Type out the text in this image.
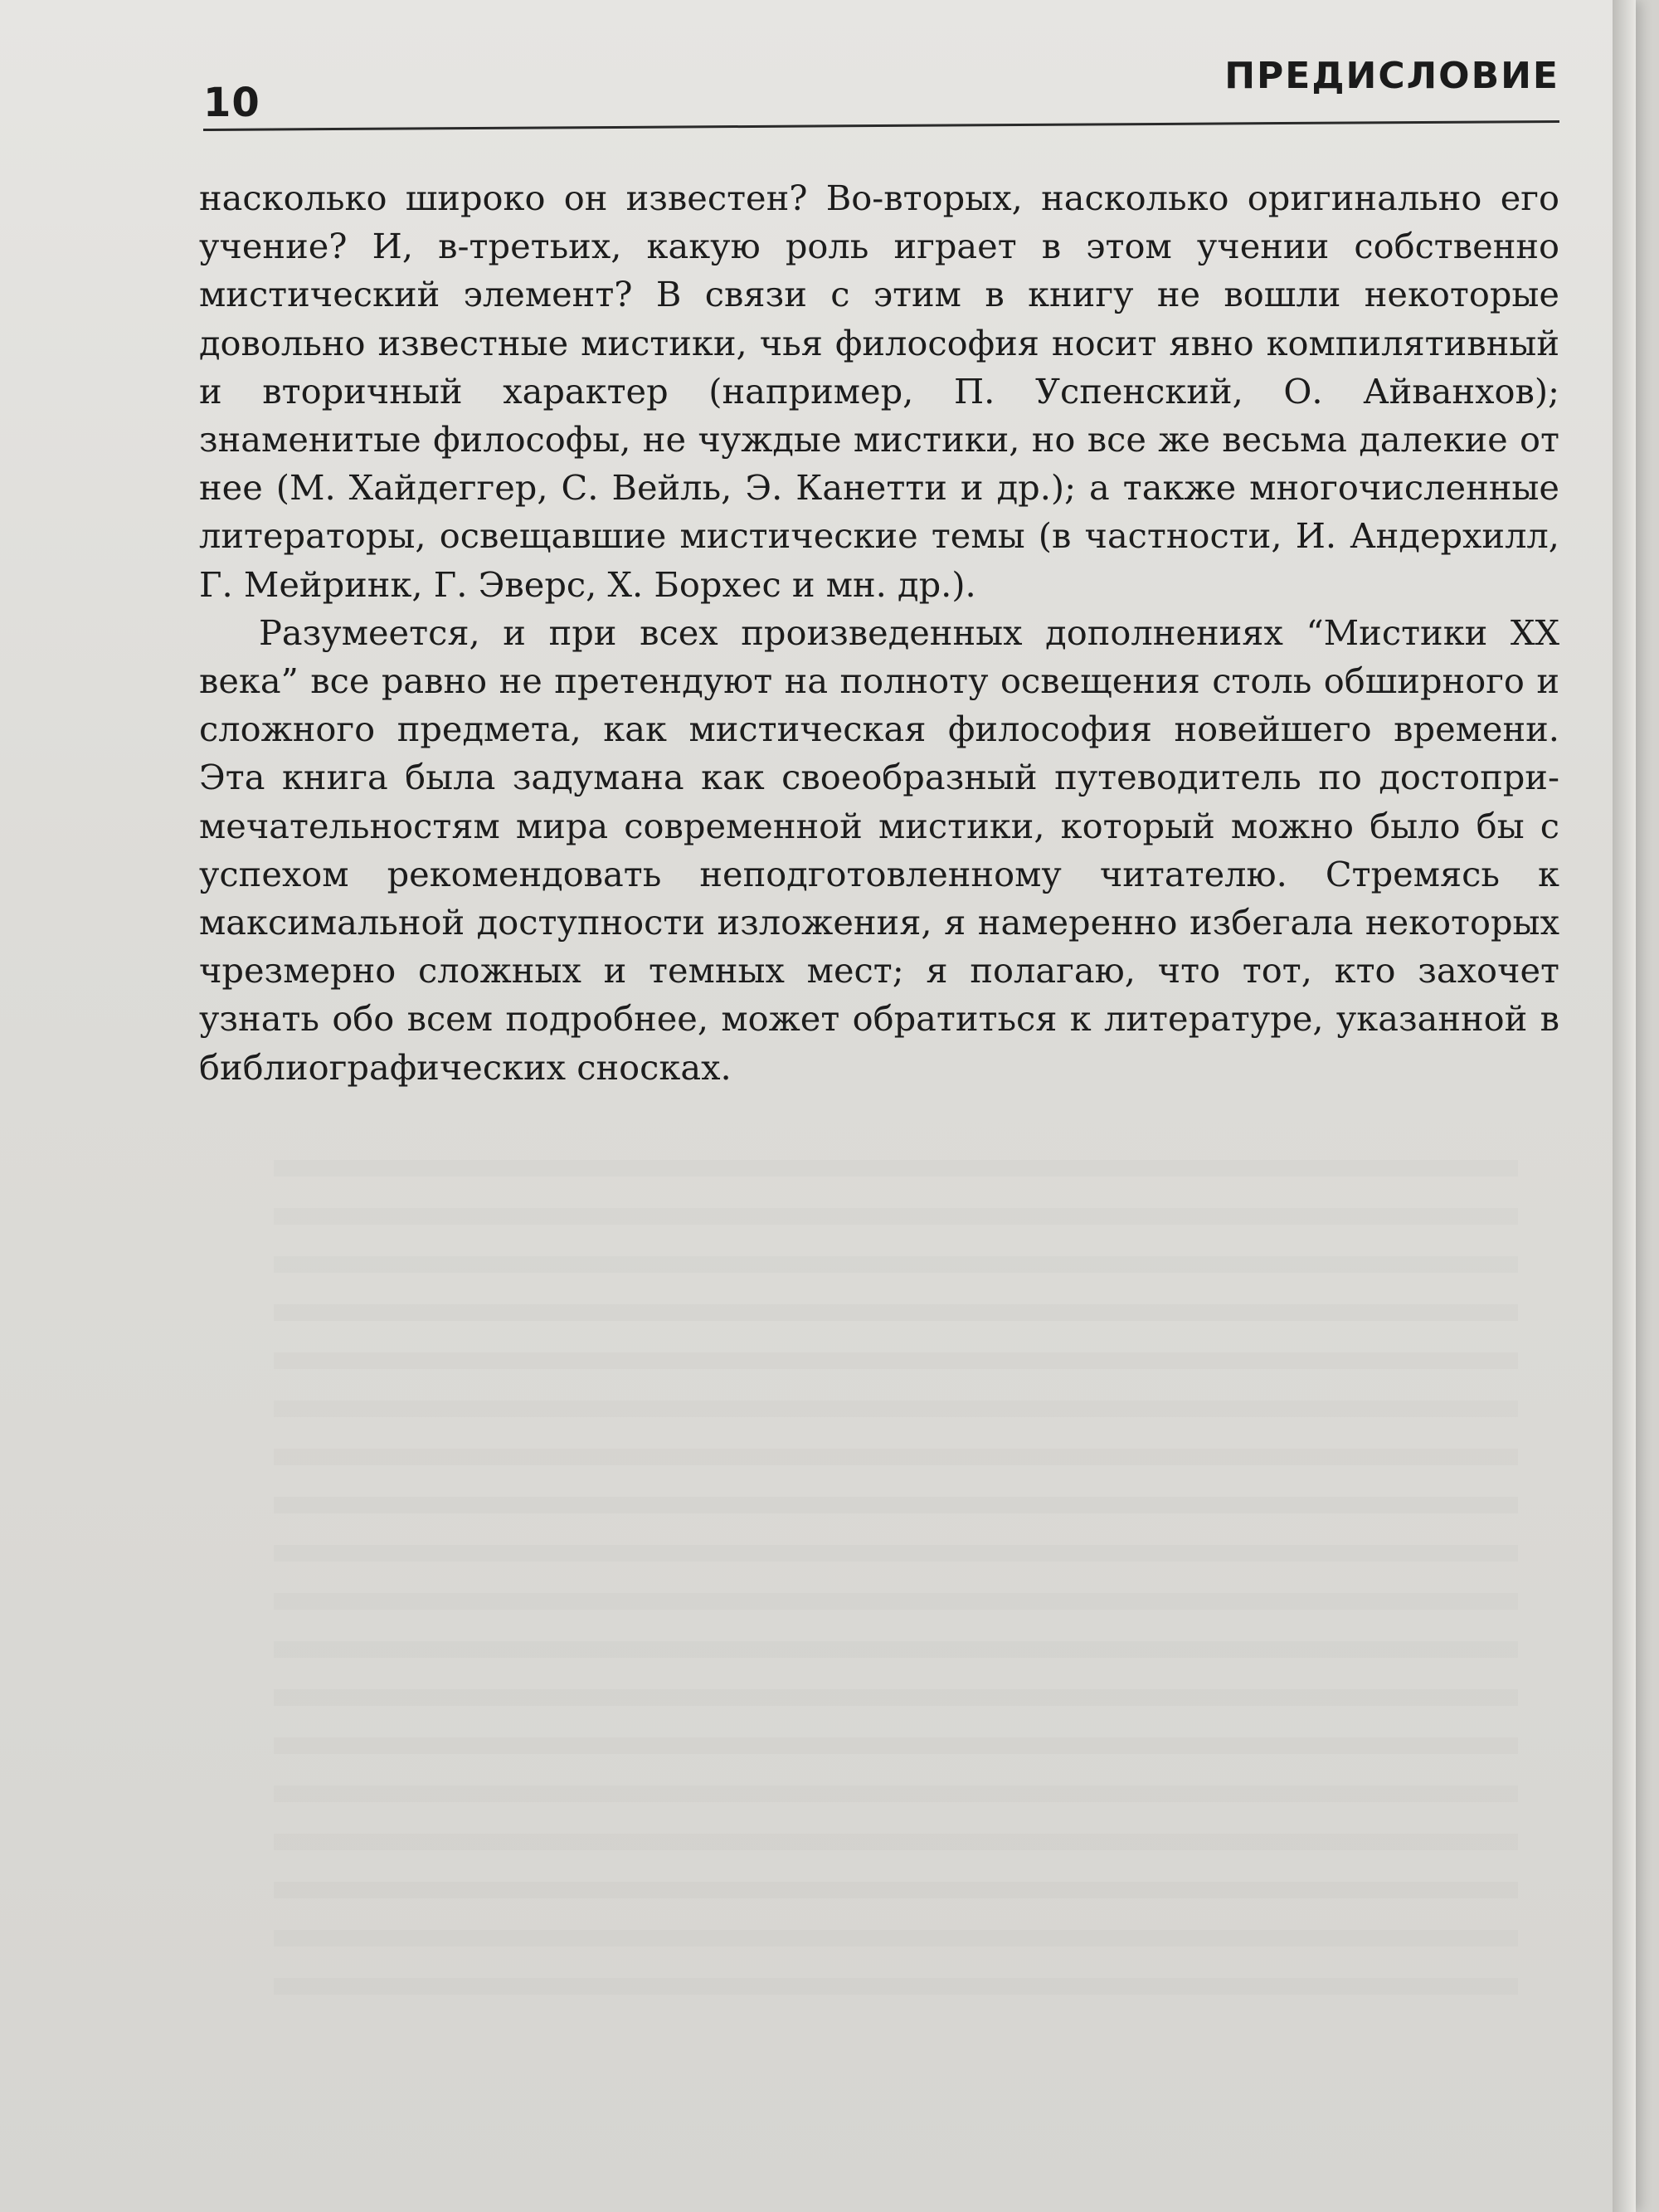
10
ПРЕДИСЛОВИЕ

насколько широко он известен? Во-вторых, насколько оригинально его учение? И, в-третьих, какую роль играет в этом учении собственно мистический элемент? В связи с этим в книгу не вошли некоторые довольно известные мистики, чья философия носит явно компилятивный и вторичный характер (например, П. Успенский, О. Айванхов); знаменитые философы, не чуждые мистики, но все же весьма далекие от нее (М. Хайдеггер, С. Вейль, Э. Канетти и др.); а также многочисленные литераторы, освещавшие мистические темы (в частности, И. Андерхилл, Г. Мейринк, Г. Эверс, Х. Борхес и мн. др.).

Разумеется, и при всех произведенных дополнениях “Мистики XX века” все равно не претендуют на полноту освещения столь обширного и сложного предмета, как мистическая философия новейшего времени. Эта книга была задумана как своеобразный путеводитель по достопримечательностям мира современной мистики, который можно было бы с успехом рекомендовать неподготовленному читателю. Стремясь к максимальной доступности изложения, я намеренно избегала некоторых чрезмерно сложных и темных мест; я полагаю, что тот, кто захочет узнать обо всем подробнее, может обратиться к литературе, указанной в библиографических сносках.
